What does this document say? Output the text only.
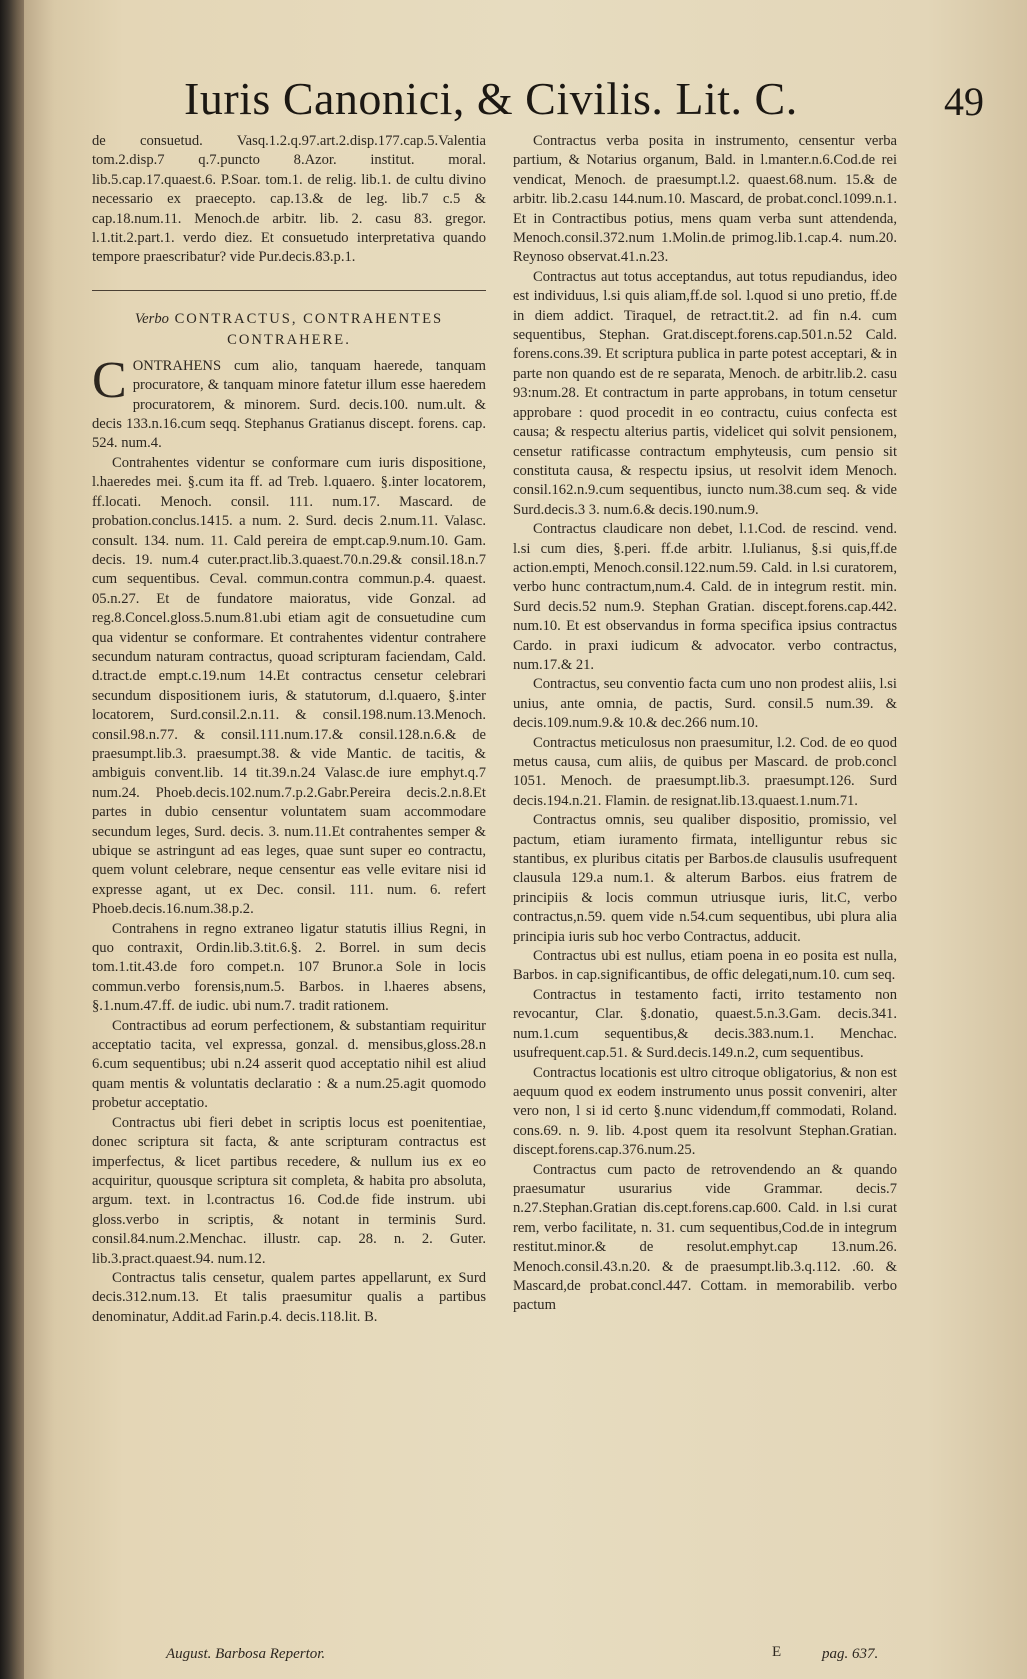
Iuris Canonici, & Civilis. Lit. C.	49

de consuetud. Vasq.1.2.q.97.art.2.disp.177.cap.5.Valentia tom.2.disp.7 q.7.puncto 8.Azor. institut. moral. lib.5.cap.17.quaest.6. P.Soar. tom.1. de relig. lib.1. de cultu divino necessario ex praecepto. cap.13.& de leg. lib.7 c.5 & cap.18.num.11. Menoch.de arbitr. lib. 2. casu 83. gregor. l.1.tit.2.part.1. verdo diez. Et consuetudo interpretativa quando tempore praescribatur? vide Pur.decis.83.p.1.

Verbo CONTRACTUS, CONTRAHENTES CONTRAHERE.

CONTRAHENS cum alio, tanquam haerede, tanquam procuratore, & tanquam minore fatetur illum esse haeredem procuratorem, & minorem. Surd. decis.100. num.ult. & decis 133.n.16.cum seqq. Stephanus Gratianus discept. forens. cap. 524. num.4.

Contrahentes videntur se conformare cum iuris dispositione, l.haeredes mei. §.cum ita ff. ad Treb. l.quaero. §.inter locatorem, ff.locati. Menoch. consil. 111. num.17. Mascard. de probation.conclus.1415. a num. 2. Surd. decis 2.num.11. Valasc. consult. 134. num. 11. Cald pereira de empt.cap.9.num.10. Gam. decis. 19. num.4 cuter.pract.lib.3.quaest.70.n.29.& consil.18.n.7 cum sequentibus. Ceval. commun.contra commun.p.4. quaest. 05.n.27. Et de fundatore maioratus, vide Gonzal. ad reg.8.Concel.gloss.5.num.81.ubi etiam agit de consuetudine cum qua videntur se conformare. Et contrahentes videntur contrahere secundum naturam contractus, quoad scripturam faciendam, Cald. d.tract.de empt.c.19.num 14.Et contractus censetur celebrari secundum dispositionem iuris, & statutorum, d.l.quaero, §.inter locatorem, Surd.consil.2.n.11. & consil.198.num.13.Menoch. consil.98.n.77. & consil.111.num.17.& consil.128.n.6.& de praesumpt.lib.3. praesumpt.38. & vide Mantic. de tacitis, & ambiguis convent.lib. 14 tit.39.n.24 Valasc.de iure emphyt.q.7 num.24. Phoeb.decis.102.num.7.p.2.Gabr.Pereira decis.2.n.8.Et partes in dubio censentur voluntatem suam accommodare secundum leges, Surd. decis. 3. num.11.Et contrahentes semper & ubique se astringunt ad eas leges, quae sunt super eo contractu, quem volunt celebrare, neque censentur eas velle evitare nisi id expresse agant, ut ex Dec. consil. 111. num. 6. refert Phoeb.decis.16.num.38.p.2.

Contrahens in regno extraneo ligatur statutis illius Regni, in quo contraxit, Ordin.lib.3.tit.6.§. 2. Borrel. in sum decis tom.1.tit.43.de foro compet.n. 107 Brunor.a Sole in locis commun.verbo forensis,num.5. Barbos. in l.haeres absens, §.1.num.47.ff. de iudic. ubi num.7. tradit rationem.

Contractibus ad eorum perfectionem, & substantiam requiritur acceptatio tacita, vel expressa, gonzal. d. mensibus,gloss.28.n 6.cum sequentibus; ubi n.24 asserit quod acceptatio nihil est aliud quam mentis & voluntatis declaratio : & a num.25.agit quomodo probetur acceptatio.

Contractus ubi fieri debet in scriptis locus est poenitentiae, donec scriptura sit facta, & ante scripturam contractus est imperfectus, & licet partibus recedere, & nullum ius ex eo acquiritur, quousque scriptura sit completa, & habita pro absoluta, argum. text. in l.contractus 16. Cod.de fide instrum. ubi gloss.verbo in scriptis, & notant in terminis Surd. consil.84.num.2.Menchac. illustr. cap. 28. n. 2. Guter. lib.3.pract.quaest.94. num.12.

Contractus talis censetur, qualem partes appellarunt, ex Surd decis.312.num.13. Et talis praesumitur qualis a partibus denominatur, Addit.ad Farin.p.4. decis.118.lit. B.

Contractus verba posita in instrumento, censentur verba partium, & Notarius organum, Bald. in l.manter.n.6.Cod.de rei vendicat, Menoch. de praesumpt.l.2. quaest.68.num. 15.& de arbitr. lib.2.casu 144.num.10. Mascard, de probat.concl.1099.n.1. Et in Contractibus potius, mens quam verba sunt attendenda, Menoch.consil.372.num 1.Molin.de primog.lib.1.cap.4. num.20. Reynoso observat.41.n.23.

Contractus aut totus acceptandus, aut totus repudiandus, ideo est individuus, l.si quis aliam,ff.de sol. l.quod si uno pretio, ff.de in diem addict. Tiraquel, de retract.tit.2. ad fin n.4. cum sequentibus, Stephan. Grat.discept.forens.cap.501.n.52 Cald. forens.cons.39. Et scriptura publica in parte potest acceptari, & in parte non quando est de re separata, Menoch. de arbitr.lib.2. casu 93:num.28. Et contractum in parte approbans, in totum censetur approbare : quod procedit in eo contractu, cuius confecta est causa; & respectu alterius partis, videlicet qui solvit pensionem, censetur ratificasse contractum emphyteusis, cum pensio sit constituta causa, & respectu ipsius, ut resolvit idem Menoch. consil.162.n.9.cum sequentibus, iuncto num.38.cum seq. & vide Surd.decis.3 3. num.6.& decis.190.num.9.

Contractus claudicare non debet, l.1.Cod. de rescind. vend. l.si cum dies, §.peri. ff.de arbitr. l.Iulianus, §.si quis,ff.de action.empti, Menoch.consil.122.num.59. Cald. in l.si curatorem, verbo hunc contractum,num.4. Cald. de in integrum restit. min. Surd decis.52 num.9. Stephan Gratian. discept.forens.cap.442. num.10. Et est observandus in forma specifica ipsius contractus Cardo. in praxi iudicum & advocator. verbo contractus, num.17.& 21.

Contractus, seu conventio facta cum uno non prodest aliis, l.si unius, ante omnia, de pactis, Surd. consil.5 num.39. & decis.109.num.9.& 10.& dec.266 num.10.

Contractus meticulosus non praesumitur, l.2. Cod. de eo quod metus causa, cum aliis, de quibus per Mascard. de prob.concl 1051. Menoch. de praesumpt.lib.3. praesumpt.126. Surd decis.194.n.21. Flamin. de resignat.lib.13.quaest.1.num.71.

Contractus omnis, seu qualiber dispositio, promissio, vel pactum, etiam iuramento firmata, intelliguntur rebus sic stantibus, ex pluribus citatis per Barbos.de clausulis usufrequent clausula 129.a num.1. & alterum Barbos. eius fratrem de principiis & locis commun utriusque iuris, lit.C, verbo contractus,n.59. quem vide n.54.cum sequentibus, ubi plura alia principia iuris sub hoc verbo Contractus, adducit.

Contractus ubi est nullus, etiam poena in eo posita est nulla, Barbos. in cap.significantibus, de offic delegati,num.10. cum seq.

Contractus in testamento facti, irrito testamento non revocantur, Clar. §.donatio, quaest.5.n.3.Gam. decis.341. num.1.cum sequentibus,& decis.383.num.1. Menchac. usufrequent.cap.51. & Surd.decis.149.n.2, cum sequentibus.

Contractus locationis est ultro citroque obligatorius, & non est aequum quod ex eodem instrumento unus possit conveniri, alter vero non, l si id certo §.nunc videndum,ff commodati, Roland. cons.69. n. 9. lib. 4.post quem ita resolvunt Stephan.Gratian. discept.forens.cap.376.num.25.

Contractus cum pacto de retrovendendo an & quando praesumatur usurarius vide Grammar. decis.7 n.27.Stephan.Gratian dis.cept.forens.cap.600. Cald. in l.si curat rem, verbo facilitate, n. 31. cum sequentibus,Cod.de in integrum restitut.minor.& de resolut.emphyt.cap 13.num.26. Menoch.consil.43.n.20. & de praesumpt.lib.3.q.112. .60. & Mascard,de probat.concl.447. Cottam. in memorabilib. verbo pactum

August. Barbosa Repertor.	E	pag. 637.
